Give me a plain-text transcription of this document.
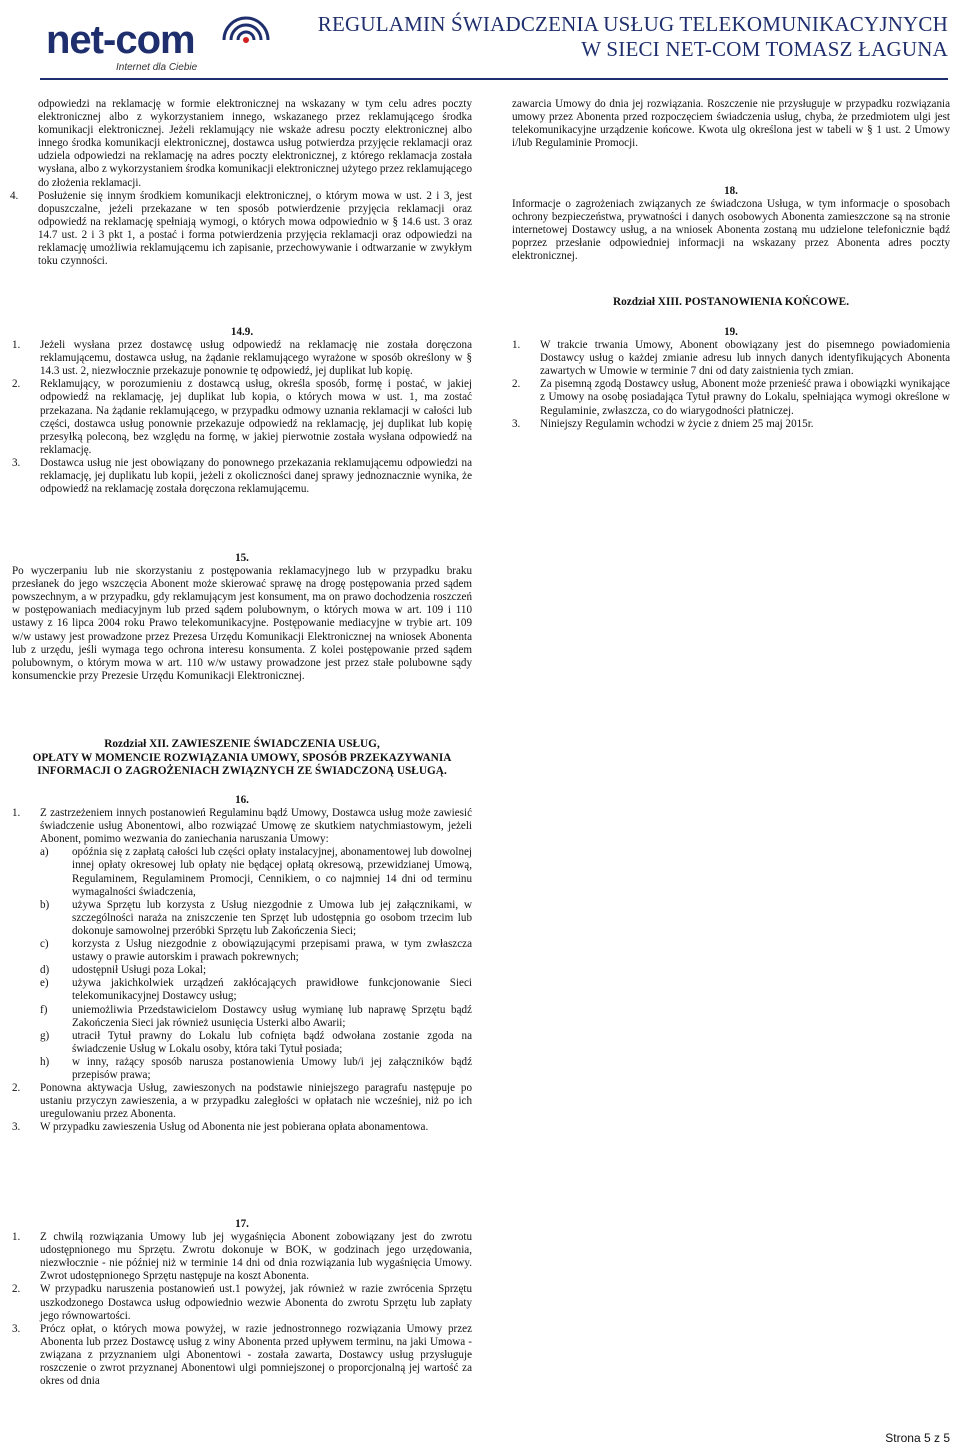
net-com
Internet dla Ciebie
REGULAMIN ŚWIADCZENIA USŁUG TELEKOMUNIKACYJNYCH
W SIECI NET-COM TOMASZ ŁAGUNA

odpowiedzi na reklamację w formie elektronicznej na wskazany w tym celu adres poczty elektronicznej albo z wykorzystaniem innego, wskazanego przez reklamującego środka komunikacji elektronicznej. Jeżeli reklamujący nie wskaże adresu poczty elektronicznej albo innego środka komunikacji elektronicznej, dostawca usług potwierdza przyjęcie reklamacji oraz udziela odpowiedzi na reklamację na adres poczty elektronicznej, z którego reklamacja została wysłana, albo z wykorzystaniem środka komunikacji elektronicznej użytego przez reklamującego do złożenia reklamacji.

4. Posłużenie się innym środkiem komunikacji elektronicznej, o którym mowa w ust. 2 i 3, jest dopuszczalne, jeżeli przekazane w ten sposób potwierdzenie przyjęcia reklamacji oraz odpowiedź na reklamację spełniają wymogi, o których mowa odpowiednio w § 14.6 ust. 3 oraz 14.7 ust. 2 i 3 pkt 1, a postać i forma potwierdzenia przyjęcia reklamacji oraz odpowiedzi na reklamację umożliwia reklamującemu ich zapisanie, przechowywanie i odtwarzanie w zwykłym toku czynności.

14.9.

1. Jeżeli wysłana przez dostawcę usług odpowiedź na reklamację nie została doręczona reklamującemu, dostawca usług, na żądanie reklamującego wyrażone w sposób określony w § 14.3 ust. 2, niezwłocznie przekazuje ponownie tę odpowiedź, jej duplikat lub kopię.
2. Reklamujący, w porozumieniu z dostawcą usług, określa sposób, formę i postać, w jakiej odpowiedź na reklamację, jej duplikat lub kopia, o których mowa w ust. 1, ma zostać przekazana. Na żądanie reklamującego, w przypadku odmowy uznania reklamacji w całości lub części, dostawca usług ponownie przekazuje odpowiedź na reklamację, jej duplikat lub kopię przesyłką poleconą, bez względu na formę, w jakiej pierwotnie została wysłana odpowiedź na reklamację.
3. Dostawca usług nie jest obowiązany do ponownego przekazania reklamującemu odpowiedzi na reklamację, jej duplikatu lub kopii, jeżeli z okoliczności danej sprawy jednoznacznie wynika, że odpowiedź na reklamację została doręczona reklamującemu.

15.

Po wyczerpaniu lub nie skorzystaniu z postępowania reklamacyjnego lub w przypadku braku przesłanek do jego wszczęcia Abonent może skierować sprawę na drogę postępowania przed sądem powszechnym, a w przypadku, gdy reklamującym jest konsument, ma on prawo dochodzenia roszczeń w postępowaniach mediacyjnym lub przed sądem polubownym, o których mowa w art. 109 i 110 ustawy z 16 lipca 2004 roku Prawo telekomunikacyjne. Postępowanie mediacyjne w trybie art. 109 w/w ustawy jest prowadzone przez Prezesa Urzędu Komunikacji Elektronicznej na wniosek Abonenta lub z urzędu, jeśli wymaga tego ochrona interesu konsumenta. Z kolei postępowanie przed sądem polubownym, o którym mowa w art. 110 w/w ustawy prowadzone jest przez stałe polubowne sądy konsumenckie przy Prezesie Urzędu Komunikacji Elektronicznej.

Rozdział XII. ZAWIESZENIE ŚWIADCZENIA USŁUG,

OPŁATY W MOMENCIE ROZWIĄZANIA UMOWY, SPOSÓB PRZEKAZYWANIA

INFORMACJI O ZAGROŻENIACH ZWIĄZNYCH ZE ŚWIADCZONĄ USŁUGĄ.

16.

1. Z zastrzeżeniem innych postanowień Regulaminu bądź Umowy, Dostawca usług może zawiesić świadczenie usług Abonentowi, albo rozwiązać Umowę ze skutkiem natychmiastowym, jeżeli Abonent, pomimo wezwania do zaniechania naruszania Umowy:
a) opóźnia się z zapłatą całości lub części opłaty instalacyjnej, abonamentowej lub dowolnej innej opłaty okresowej lub opłaty nie będącej opłatą okresową, przewidzianej Umową, Regulaminem, Regulaminem Promocji, Cennikiem, o co najmniej 14 dni od terminu wymagalności świadczenia,
b) używa Sprzętu lub korzysta z Usług niezgodnie z Umowa lub jej załącznikami, w szczególności naraża na zniszczenie ten Sprzęt lub udostępnia go osobom trzecim lub dokonuje samowolnej przeróbki Sprzętu lub Zakończenia Sieci;
c) korzysta z Usług niezgodnie z obowiązującymi przepisami prawa, w tym zwłaszcza ustawy o prawie autorskim i prawach pokrewnych;
d) udostępnił Usługi poza Lokal;
e) używa jakichkolwiek urządzeń zakłócających prawidłowe funkcjonowanie Sieci telekomunikacyjnej Dostawcy usług;
f) uniemożliwia Przedstawicielom Dostawcy usług wymianę lub naprawę Sprzętu bądź Zakończenia Sieci jak również usunięcia Usterki albo Awarii;
g) utracił Tytuł prawny do Lokalu lub cofnięta bądź odwołana zostanie zgoda na świadczenie Usług w Lokalu osoby, która taki Tytuł posiada;
h) w inny, rażący sposób narusza postanowienia Umowy lub/i jej załączników bądź przepisów prawa;
2. Ponowna aktywacja Usług, zawieszonych na podstawie niniejszego paragrafu następuje po ustaniu przyczyn zawieszenia, a w przypadku zaległości w opłatach nie wcześniej, niż po ich uregulowaniu przez Abonenta.
3. W przypadku zawieszenia Usług od Abonenta nie jest pobierana opłata abonamentowa.

17.

1. Z chwilą rozwiązania Umowy lub jej wygaśnięcia Abonent zobowiązany jest do zwrotu udostępnionego mu Sprzętu. Zwrotu dokonuje w BOK, w godzinach jego urzędowania, niezwłocznie - nie później niż w terminie 14 dni od dnia rozwiązania lub wygaśnięcia Umowy. Zwrot udostępnionego Sprzętu następuje na koszt Abonenta.
2. W przypadku naruszenia postanowień ust.1 powyżej, jak również w razie zwrócenia Sprzętu uszkodzonego Dostawca usług odpowiednio wezwie Abonenta do zwrotu Sprzętu lub zapłaty jego równowartości.
3. Prócz opłat, o których mowa powyżej, w razie jednostronnego rozwiązania Umowy przez Abonenta lub przez Dostawcę usług z winy Abonenta przed upływem terminu, na jaki Umowa - związana z przyznaniem ulgi Abonentowi - została zawarta, Dostawcy usług przysługuje roszczenie o zwrot przyznanej Abonentowi ulgi pomniejszonej o proporcjonalną jej wartość za okres od dnia

zawarcia Umowy do dnia jej rozwiązania. Roszczenie nie przysługuje w przypadku rozwiązania umowy przez Abonenta przed rozpoczęciem świadczenia usług, chyba, że przedmiotem ulgi jest telekomunikacyjne urządzenie końcowe. Kwota ulg określona jest w tabeli w § 1 ust. 2 Umowy i/lub Regulaminie Promocji.

18.

Informacje o zagrożeniach związanych ze świadczona Usługa, w tym informacje o sposobach ochrony bezpieczeństwa, prywatności i danych osobowych Abonenta zamieszczone są na stronie internetowej Dostawcy usług, a na wniosek Abonenta zostaną mu udzielone telefonicznie bądź poprzez przesłanie odpowiedniej informacji na wskazany przez Abonenta adres poczty elektronicznej.

Rozdział XIII. POSTANOWIENIA KOŃCOWE.

19.

1. W trakcie trwania Umowy, Abonent obowiązany jest do pisemnego powiadomienia Dostawcy usług o każdej zmianie adresu lub innych danych identyfikujących Abonenta zawartych w Umowie w terminie 7 dni od daty zaistnienia tych zmian.
2. Za pisemną zgodą Dostawcy usług, Abonent może przenieść prawa i obowiązki wynikające z Umowy na osobę posiadająca Tytuł prawny do Lokalu, spełniająca wymogi określone w Regulaminie, zwłaszcza, co do wiarygodności płatniczej.
3. Niniejszy Regulamin wchodzi w życie z dniem 25 maj 2015r.
Strona 5 z 5
